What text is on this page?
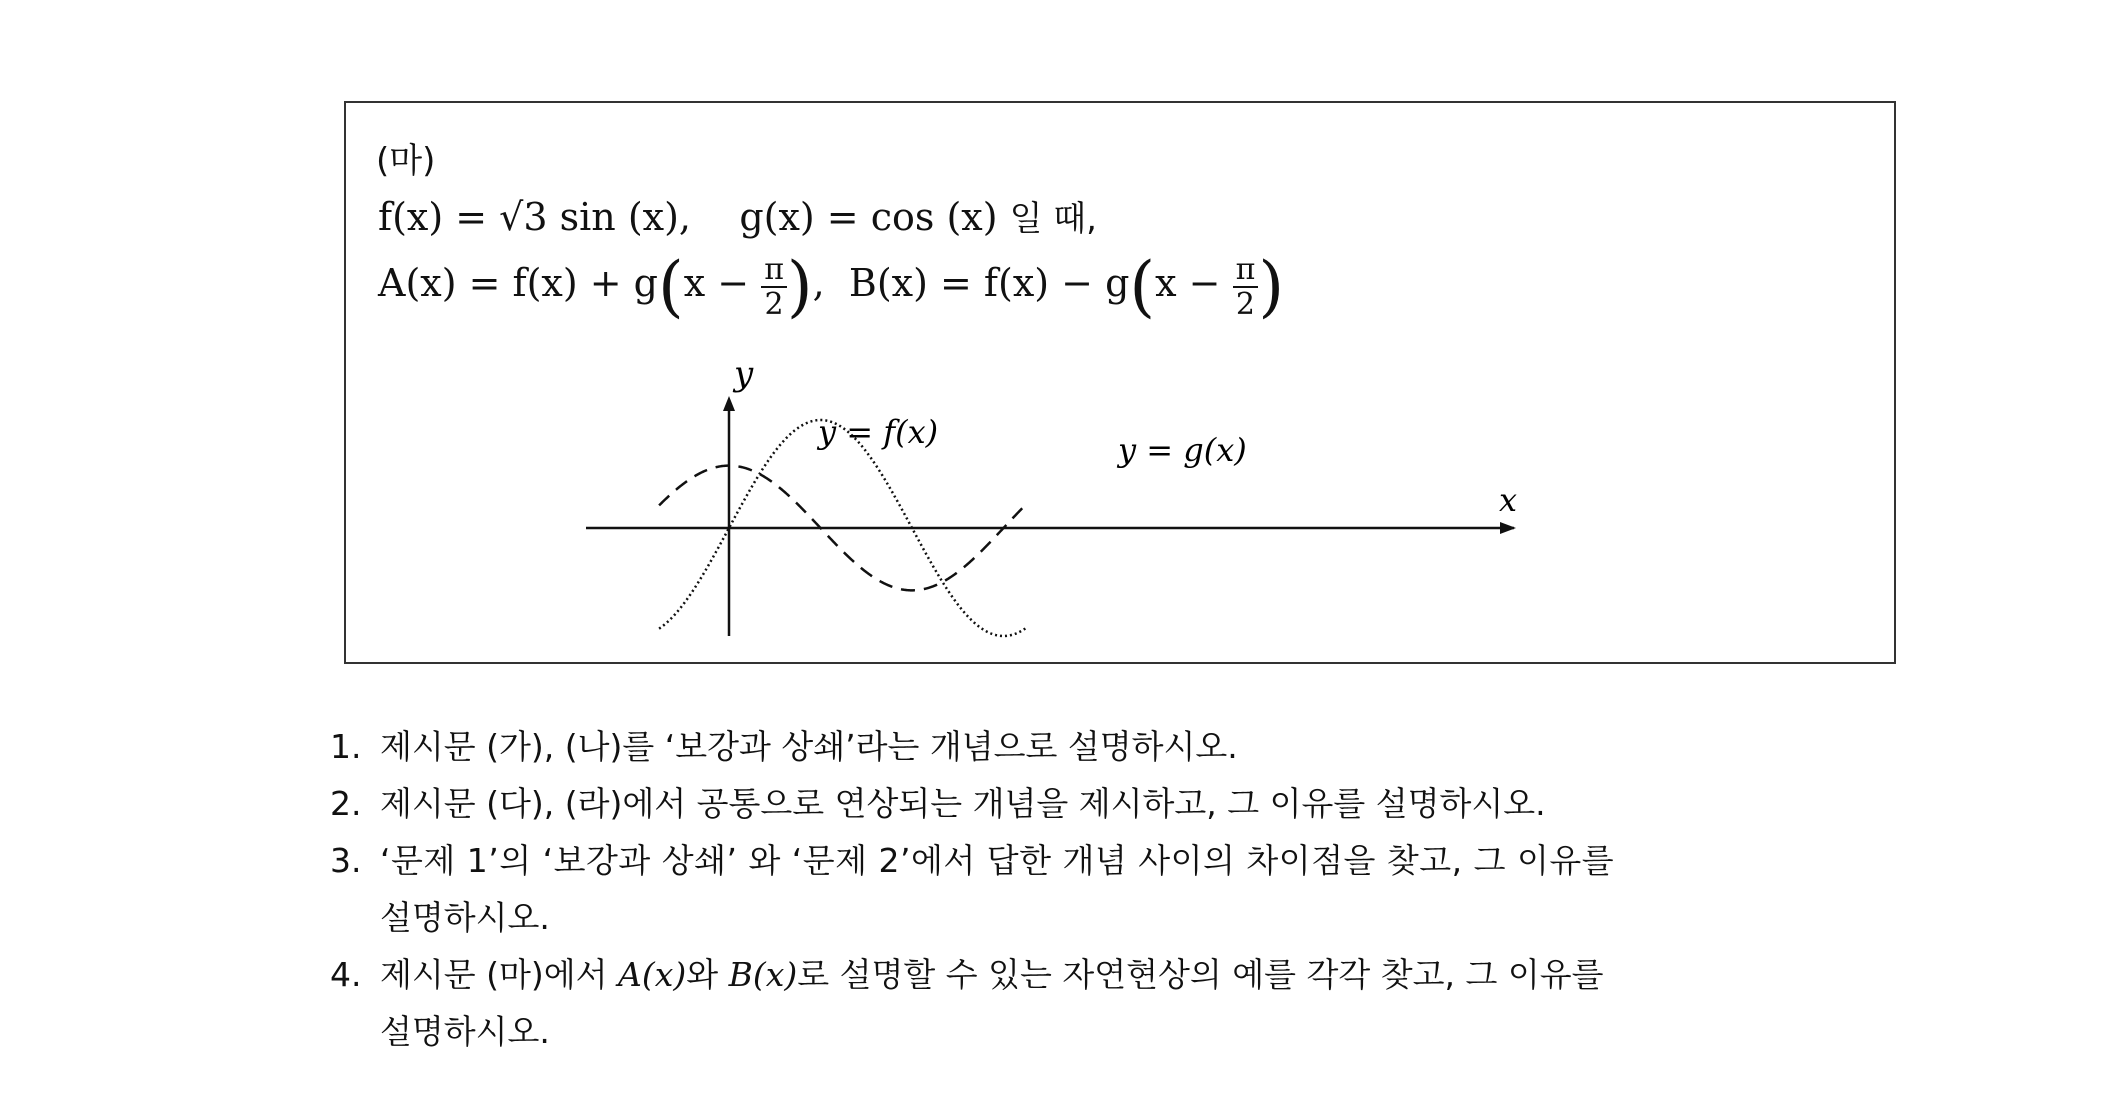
(마)
f(x) = √3 sin (x), g(x) = cos (x) 일 때,
$A(x) = f(x) + g(x - \frac{\pi}{2}$ ),  $B(x) = f(x) - g(x - \frac{\pi}{2}$ )
y
x
y = f(x)	y = g(x)
1. 제시문 (가), (나)를 ‘보강과 상쇄’라는 개념으로 설명하시오.
2. 제시문 (다), (라)에서 공통으로 연상되는 개념을 제시하고, 그 이유를 설명하시오.
3. ‘문제 1’의 ‘보강과 상쇄’ 와 ‘문제 2’에서 답한 개념 사이의 차이점을 찾고, 그 이유를
설명하시오.
4. 제시문 (마)에서 A(x)와 B(x)로 설명할 수 있는 자연현상의 예를 각각 찾고, 그 이유를
설명하시오.
